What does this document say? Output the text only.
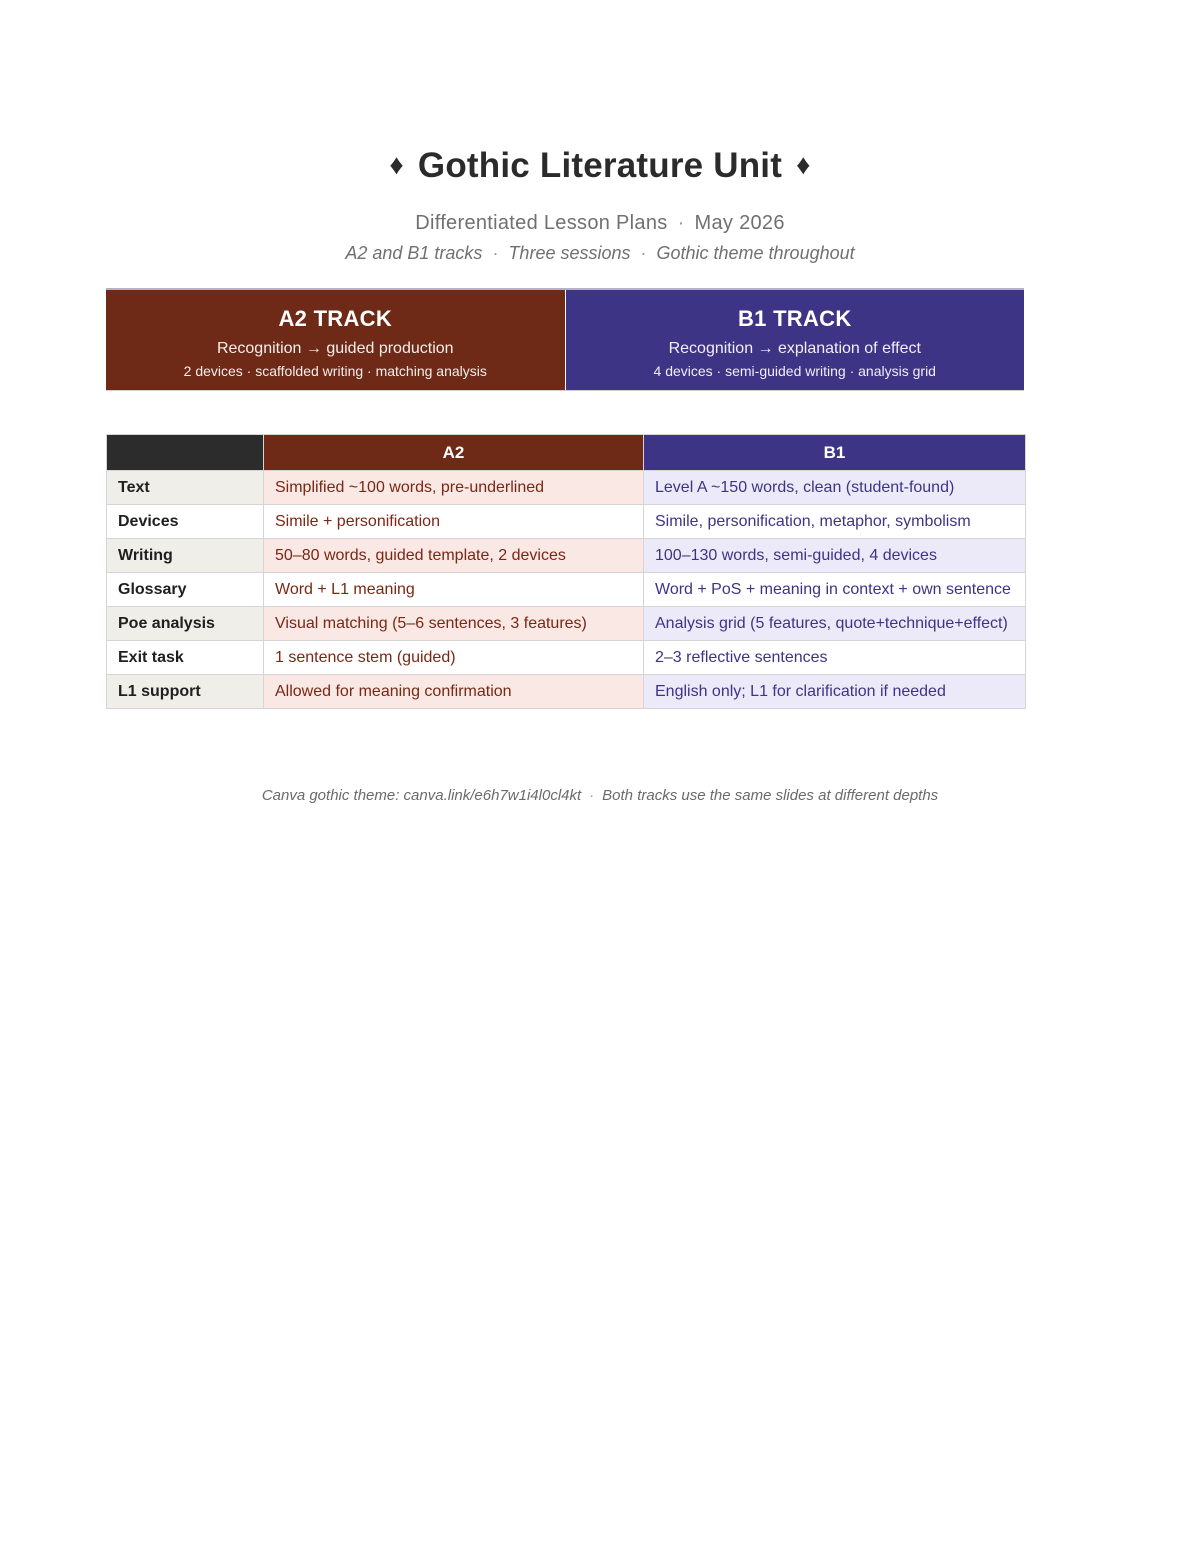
♦ Gothic Literature Unit ♦
Differentiated Lesson Plans · May 2026
A2 and B1 tracks · Three sessions · Gothic theme throughout
A2 TRACK
Recognition → guided production
2 devices · scaffolded writing · matching analysis
B1 TRACK
Recognition → explanation of effect
4 devices · semi-guided writing · analysis grid
	A2	B1
Text	Simplified ~100 words, pre-underlined	Level A ~150 words, clean (student-found)
Devices	Simile + personification	Simile, personification, metaphor, symbolism
Writing	50–80 words, guided template, 2 devices	100–130 words, semi-guided, 4 devices
Glossary	Word + L1 meaning	Word + PoS + meaning in context + own sentence
Poe analysis	Visual matching (5–6 sentences, 3 features)	Analysis grid (5 features, quote+technique+effect)
Exit task	1 sentence stem (guided)	2–3 reflective sentences
L1 support	Allowed for meaning confirmation	English only; L1 for clarification if needed
Canva gothic theme: canva.link/e6h7w1i4l0cl4kt · Both tracks use the same slides at different depths
